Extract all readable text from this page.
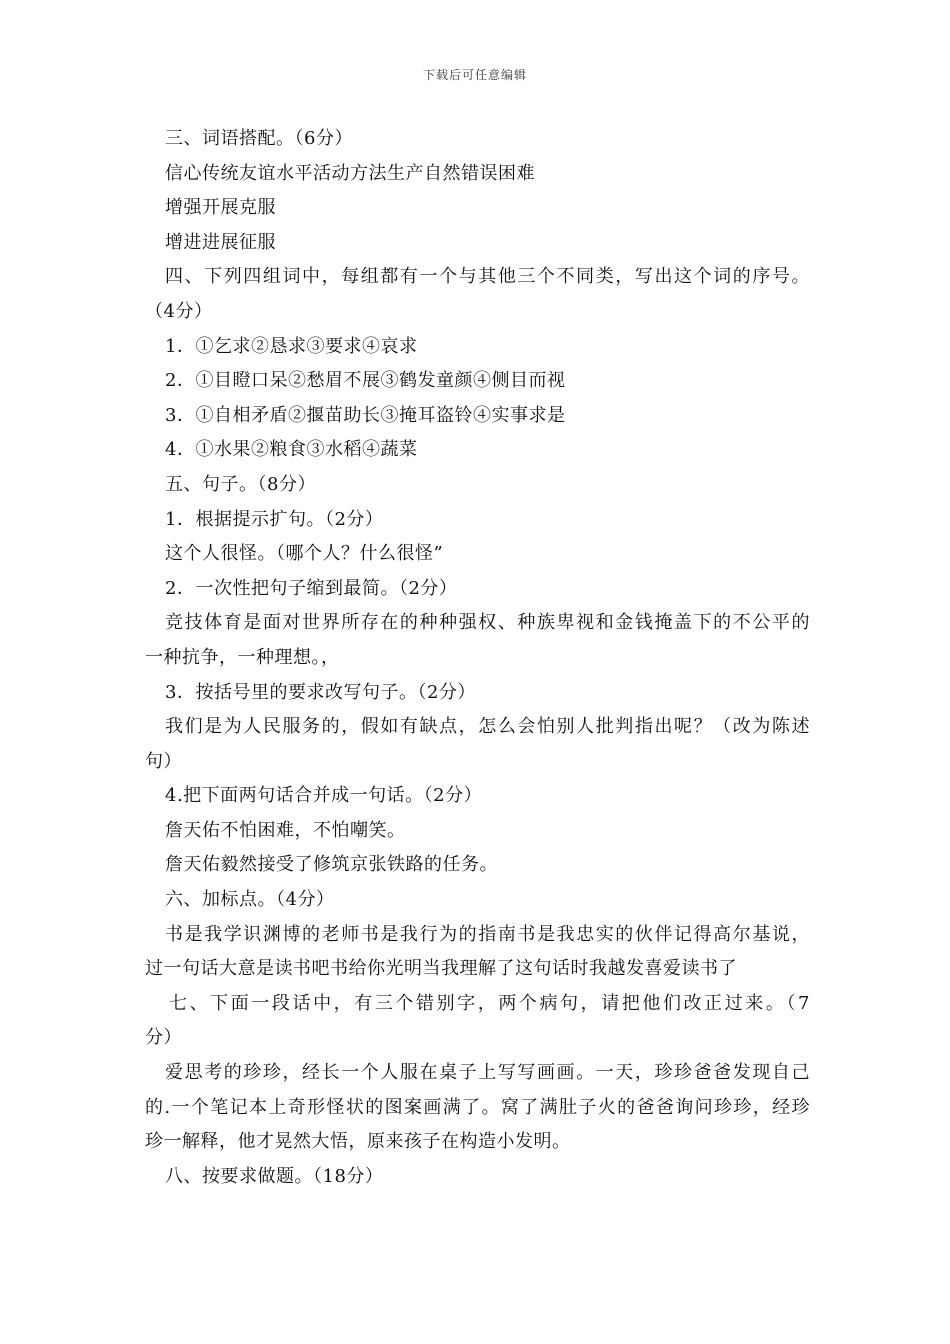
下载后可任意编辑
三、词语搭配。（6分）
信心传统友谊水平活动方法生产自然错误困难
增强开展克服
增进进展征服
四、下列四组词中，每组都有一个与其他三个不同类，写出这个词的序号。
（4分）
1．①乞求②恳求③要求④哀求
2．①目瞪口呆②愁眉不展③鹤发童颜④侧目而视
3．①自相矛盾②揠苗助长③掩耳盗铃④实事求是
4．①水果②粮食③水稻④蔬菜
五、句子。（8分）
1．根据提示扩句。（2分）
这个人很怪。（哪个人？什么很怪”
2．一次性把句子缩到最简。（2分）
竞技体育是面对世界所存在的种种强权、种族卑视和金钱掩盖下的不公平的
一种抗争，一种理想。，
3．按括号里的要求改写句子。（2分）
我们是为人民服务的，假如有缺点，怎么会怕别人批判指出呢？（改为陈述
句）
4.把下面两句话合并成一句话。（2分）
詹天佑不怕困难，不怕嘲笑。
詹天佑毅然接受了修筑京张铁路的任务。
六、加标点。（4分）
书是我学识渊博的老师书是我行为的指南书是我忠实的伙伴记得高尔基说，
过一句话大意是读书吧书给你光明当我理解了这句话时我越发喜爱读书了
七、下面一段话中，有三个错别字，两个病句，请把他们改正过来。（7
分）
爱思考的珍珍，经长一个人服在桌子上写写画画。一天，珍珍爸爸发现自己
的.一个笔记本上奇形怪状的图案画满了。窝了满肚子火的爸爸询问珍珍，经珍
珍一解释，他才晃然大悟，原来孩子在构造小发明。
八、按要求做题。（18分）
